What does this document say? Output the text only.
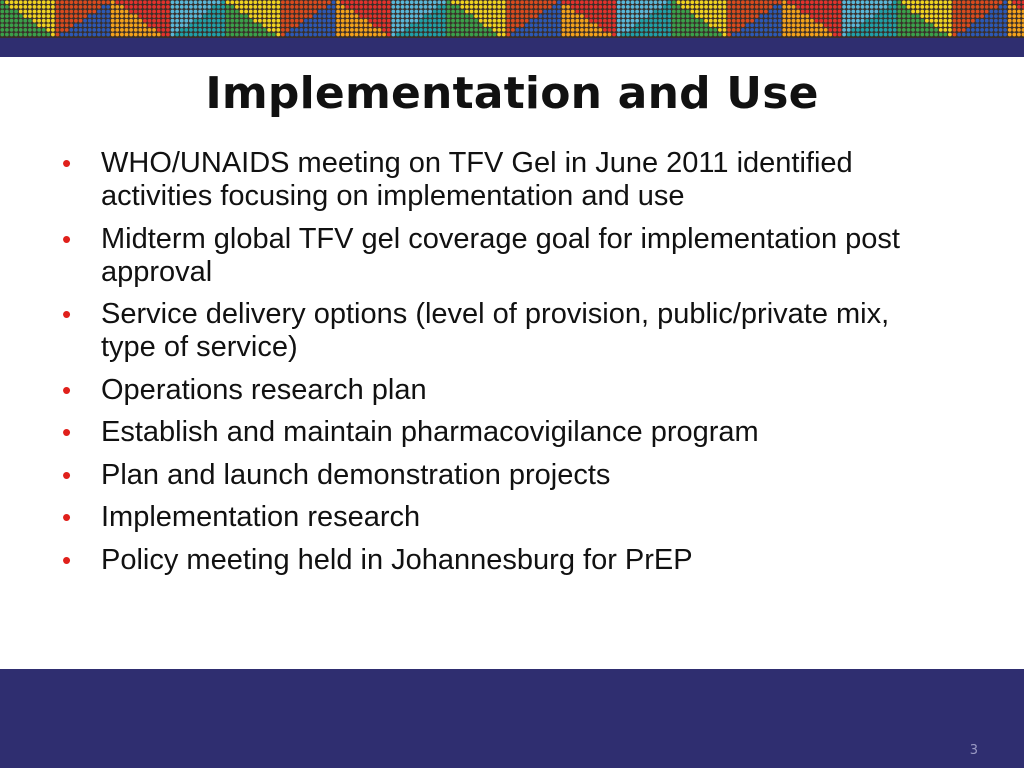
Implementation and Use
• WHO/UNAIDS meeting on TFV Gel in June 2011 identified activities focusing on implementation and use
• Midterm global TFV gel coverage goal for implementation post approval
• Service delivery options (level of provision, public/private mix, type of service)
• Operations research plan
• Establish and maintain pharmacovigilance program
• Plan and launch demonstration projects
• Implementation research
• Policy meeting held in Johannesburg for PrEP
3
